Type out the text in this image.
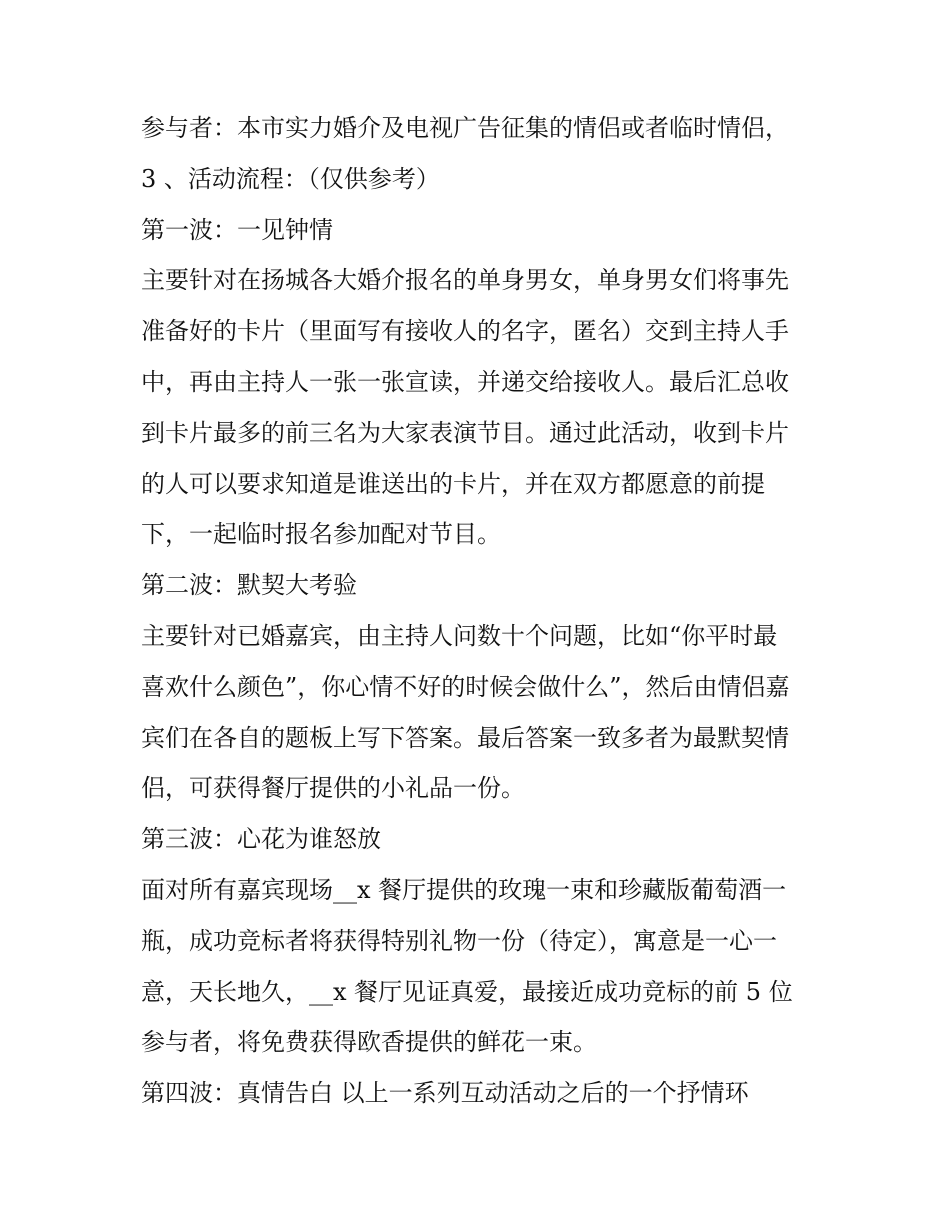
参与者：本市实力婚介及电视广告征集的情侣或者临时情侣，
3 、活动流程：（仅供参考）
第一波：一见钟情
主要针对在扬城各大婚介报名的单身男女，单身男女们将事先
准备好的卡片（里面写有接收人的名字，匿名）交到主持人手
中，再由主持人一张一张宣读，并递交给接收人。最后汇总收
到卡片最多的前三名为大家表演节目。通过此活动，收到卡片
的人可以要求知道是谁送出的卡片，并在双方都愿意的前提
下，一起临时报名参加配对节目。
第二波：默契大考验
主要针对已婚嘉宾，由主持人问数十个问题，比如“你平时最
喜欢什么颜色”，你心情不好的时候会做什么”，然后由情侣嘉
宾们在各自的题板上写下答案。最后答案一致多者为最默契情
侣，可获得餐厅提供的小礼品一份。
第三波：心花为谁怒放
面对所有嘉宾现场__x 餐厅提供的玫瑰一束和珍藏版葡萄酒一
瓶，成功竞标者将获得特别礼物一份（待定），寓意是一心一
意，天长地久，__x 餐厅见证真爱，最接近成功竞标的前 5 位
参与者，将免费获得欧香提供的鲜花一束。
第四波：真情告白 以上一系列互动活动之后的一个抒情环
